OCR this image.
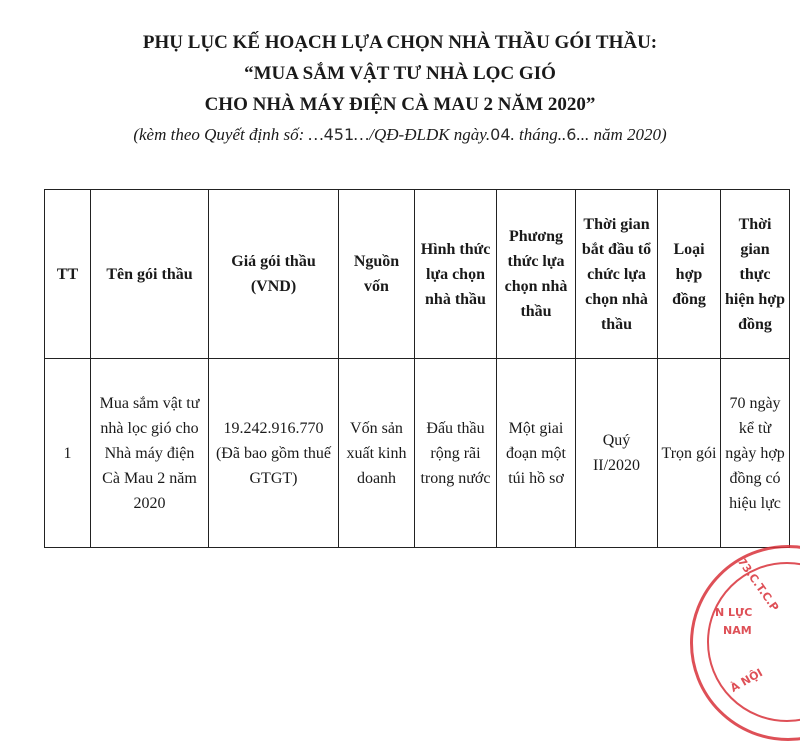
PHỤ LỤC KẾ HOẠCH LỰA CHỌN NHÀ THẦU GÓI THẦU:
“MUA SẮM VẬT TƯ NHÀ LỌC GIÓ
CHO NHÀ MÁY ĐIỆN CÀ MAU 2 NĂM 2020”
(kèm theo Quyết định số: …451…/QĐ-ĐLDK ngày.04. tháng..6... năm 2020)
TT	Tên gói thầu	Giá gói thầu (VND)	Nguồn vốn	Hình thức lựa chọn nhà thầu	Phương thức lựa chọn nhà thầu	Thời gian bắt đầu tổ chức lựa chọn nhà thầu	Loại hợp đồng	Thời gian thực hiện hợp đồng
1	Mua sắm vật tư nhà lọc gió cho Nhà máy điện Cà Mau 2 năm 2020	19.242.916.770 (Đã bao gồm thuế GTGT)	Vốn sản xuất kinh doanh	Đấu thầu rộng rãi trong nước	Một giai đoạn một túi hồ sơ	Quý II/2020	Trọn gói	70 ngày kể từ ngày hợp đồng có hiệu lực
73.C.T.C.P
N LỰC
NAM
À NỘI
